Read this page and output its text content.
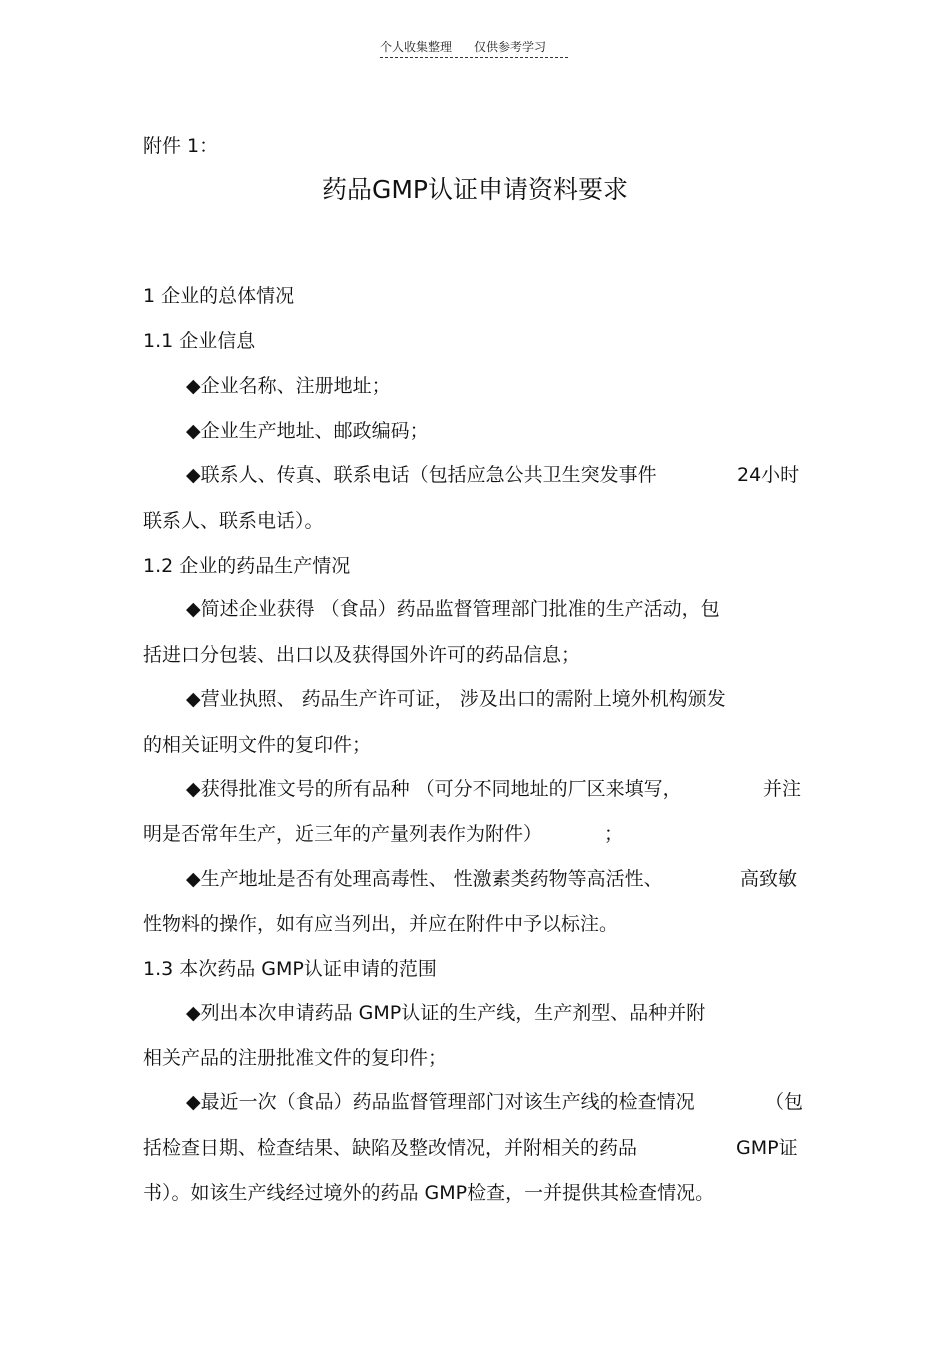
个人收集整理 仅供参考学习
附件 1：
药品GMP认证申请资料要求
1 企业的总体情况
1.1 企业信息
◆企业名称、注册地址；
◆企业生产地址、邮政编码；
◆联系人、传真、联系电话（包括应急公共卫生突发事件	24小时
联系人、联系电话）。
1.2 企业的药品生产情况
◆简述企业获得 （食品）药品监督管理部门批准的生产活动，包
括进口分包装、出口以及获得国外许可的药品信息；
◆营业执照、 药品生产许可证， 涉及出口的需附上境外机构颁发
的相关证明文件的复印件；
◆获得批准文号的所有品种 （可分不同地址的厂区来填写，	并注
明是否常年生产，近三年的产量列表作为附件）	；
◆生产地址是否有处理高毒性、 性激素类药物等高活性、	高致敏
性物料的操作，如有应当列出，并应在附件中予以标注。
1.3 本次药品 GMP认证申请的范围
◆列出本次申请药品 GMP认证的生产线，生产剂型、品种并附
相关产品的注册批准文件的复印件；
◆最近一次（食品）药品监督管理部门对该生产线的检查情况	（包
括检查日期、检查结果、缺陷及整改情况，并附相关的药品	GMP证
书）。如该生产线经过境外的药品 GMP检查，一并提供其检查情况。
